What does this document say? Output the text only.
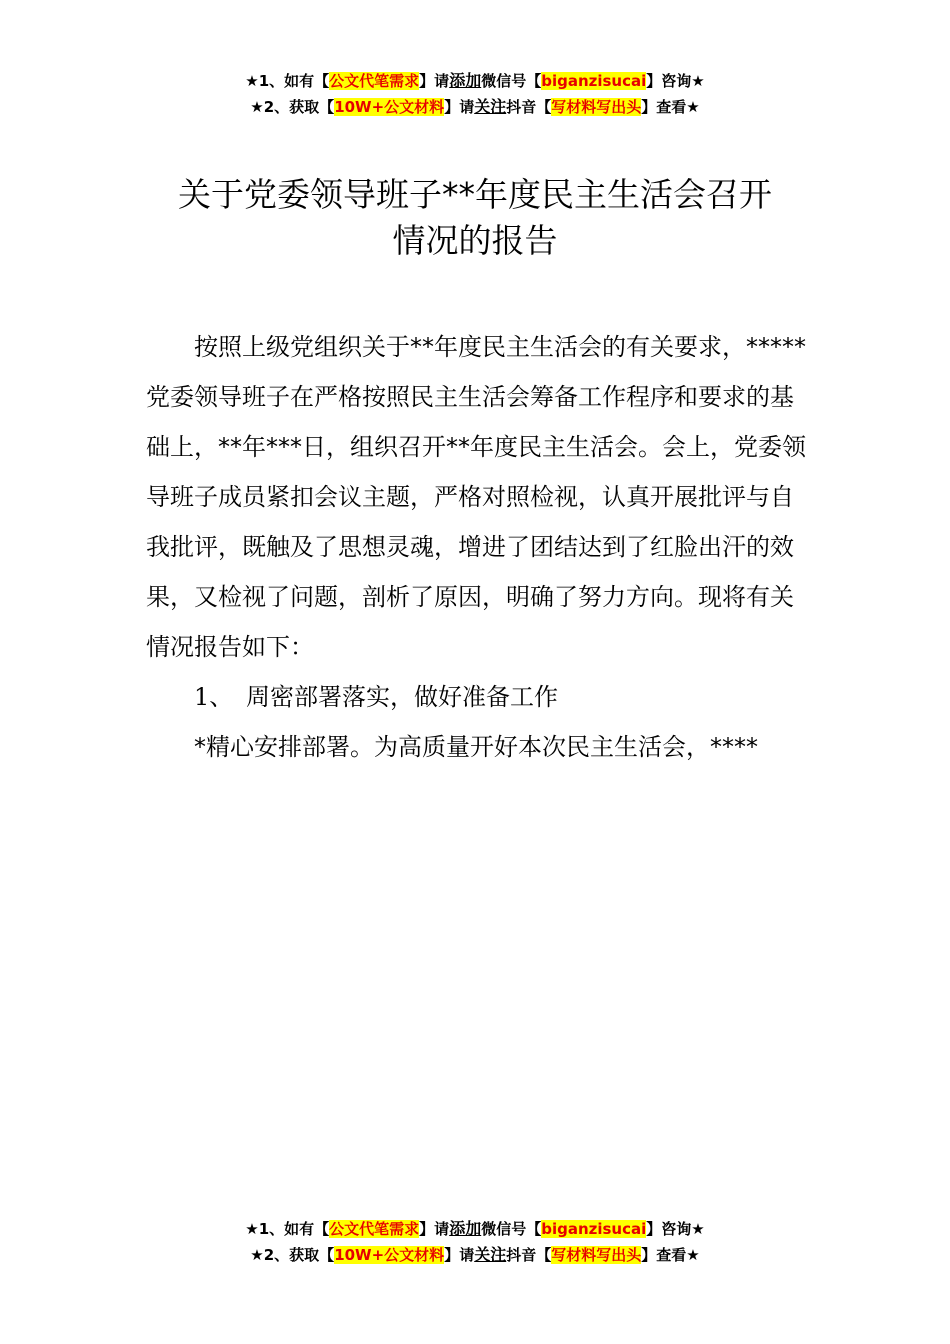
★1、如有【公文代笔需求】请添加微信号【biganzisucai】咨询★
★2、获取【10W+公文材料】请关注抖音【写材料写出头】查看★
关于党委领导班子**年度民主生活会召开
情况的报告

按照上级党组织关于**年度民主生活会的有关要求，*****党委领导班子在严格按照民主生活会筹备工作程序和要求的基础上，**年***日，组织召开**年度民主生活会。会上，党委领导班子成员紧扣会议主题，严格对照检视，认真开展批评与自我批评，既触及了思想灵魂，增进了团结达到了红脸出汗的效果，又检视了问题，剖析了原因，明确了努力方向。现将有关情况报告如下：

1、 周密部署落实，做好准备工作

*精心安排部署。为高质量开好本次民主生活会，****

★1、如有【公文代笔需求】请添加微信号【biganzisucai】咨询★
★2、获取【10W+公文材料】请关注抖音【写材料写出头】查看★
